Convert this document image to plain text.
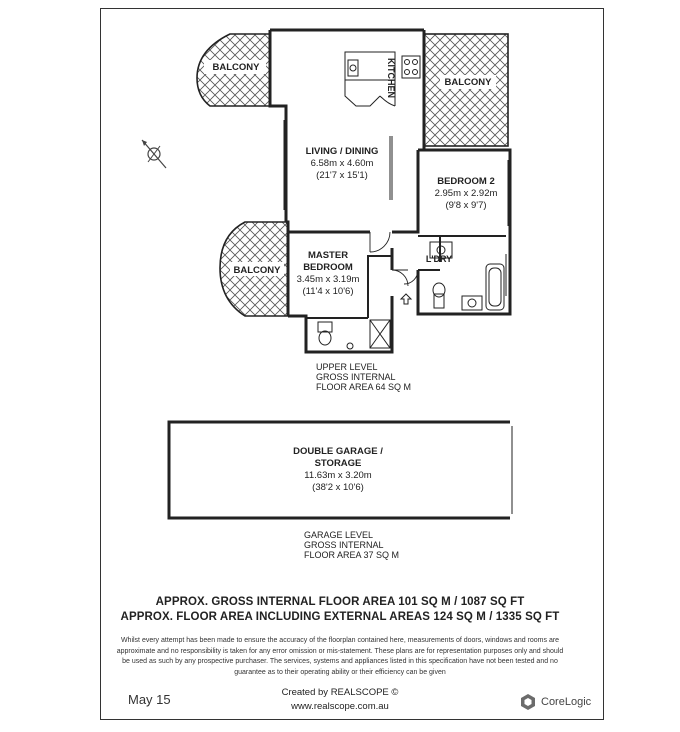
BALCONY
BALCONY
BALCONY
KITCHEN
LIVING / DINING
6.58m x 4.60m
(21'7 x 15'1)
BEDROOM 2
2.95m x 2.92m
(9'8 x 9'7)
MASTER
BEDROOM
3.45m x 3.19m
(11'4 x 10'6)
L'DRY
UPPER LEVEL
GROSS INTERNAL
FLOOR AREA 64 SQ M
DOUBLE GARAGE /
STORAGE
11.63m x 3.20m
(38'2 x 10'6)
GARAGE LEVEL
GROSS INTERNAL
FLOOR AREA 37 SQ M
APPROX. GROSS INTERNAL FLOOR AREA 101 SQ M / 1087 SQ FT
APPROX. FLOOR AREA INCLUDING EXTERNAL AREAS 124 SQ M / 1335 SQ FT
Whilst every attempt has been made to ensure the accuracy of the floorplan contained here, measurements of doors, windows and rooms are approximate and no responsibility is taken for any error omission or mis-statement. These plans are for representation purposes only and should be used as such by any prospective purchaser. The services, systems and appliances listed in this specification have not been tested and no guarantee as to their operating ability or their efficiency can be given
May 15	Created by REALSCOPE ©
www.realscope.com.au	CoreLogic
